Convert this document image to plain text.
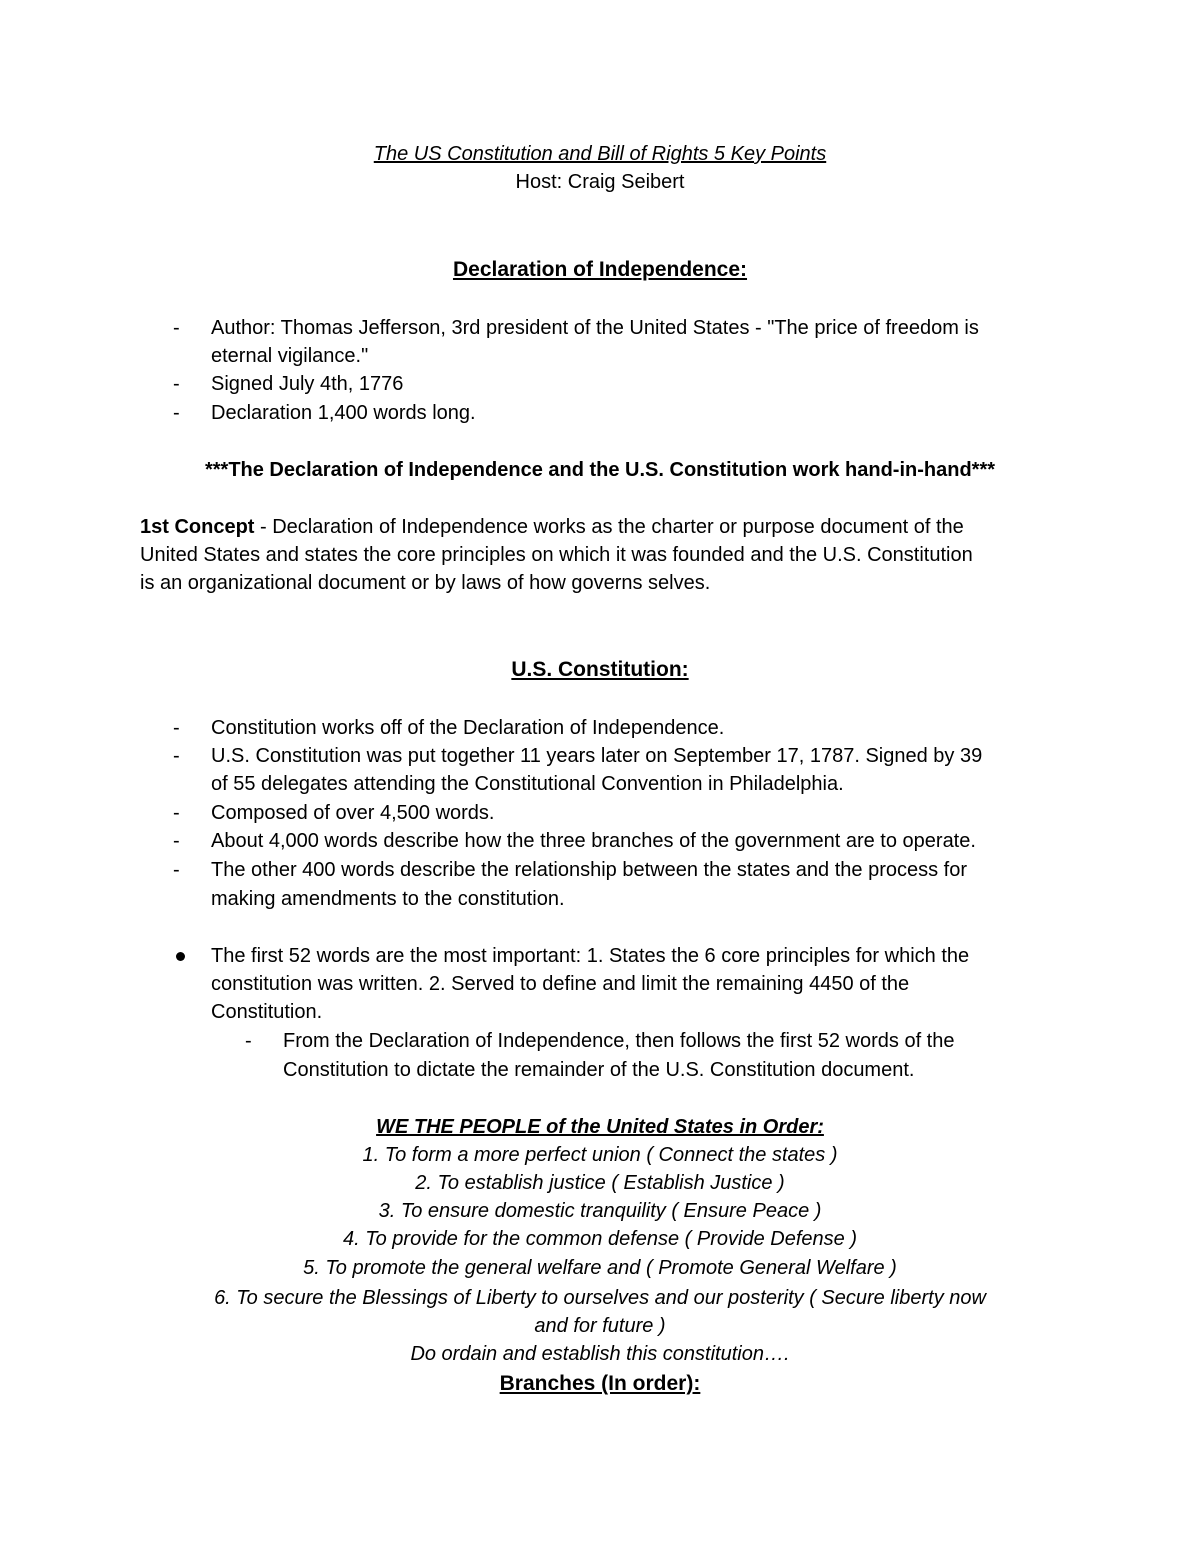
The US Constitution and Bill of Rights 5 Key Points
Host: Craig Seibert
Declaration of Independence:
- Author: Thomas Jefferson, 3rd president of the United States - "The price of freedom is
eternal vigilance."
- Signed July 4th, 1776
- Declaration 1,400 words long.
***The Declaration of Independence and the U.S. Constitution work hand-in-hand***
1st Concept - Declaration of Independence works as the charter or purpose document of the
United States and states the core principles on which it was founded and the U.S. Constitution
is an organizational document or by laws of how governs selves.
U.S. Constitution:
- Constitution works off of the Declaration of Independence.
- U.S. Constitution was put together 11 years later on September 17, 1787. Signed by 39
of 55 delegates attending the Constitutional Convention in Philadelphia.
- Composed of over 4,500 words.
- About 4,000 words describe how the three branches of the government are to operate.
- The other 400 words describe the relationship between the states and the process for
making amendments to the constitution.
The first 52 words are the most important: 1. States the 6 core principles for which the
constitution was written. 2. Served to define and limit the remaining 4450 of the
Constitution.
- From the Declaration of Independence, then follows the first 52 words of the
Constitution to dictate the remainder of the U.S. Constitution document.
WE THE PEOPLE of the United States in Order:
1. To form a more perfect union ( Connect the states )
2. To establish justice ( Establish Justice )
3. To ensure domestic tranquility ( Ensure Peace )
4. To provide for the common defense ( Provide Defense )
5. To promote the general welfare and ( Promote General Welfare )
6. To secure the Blessings of Liberty to ourselves and our posterity ( Secure liberty now
and for future )
Do ordain and establish this constitution….
Branches (In order):
